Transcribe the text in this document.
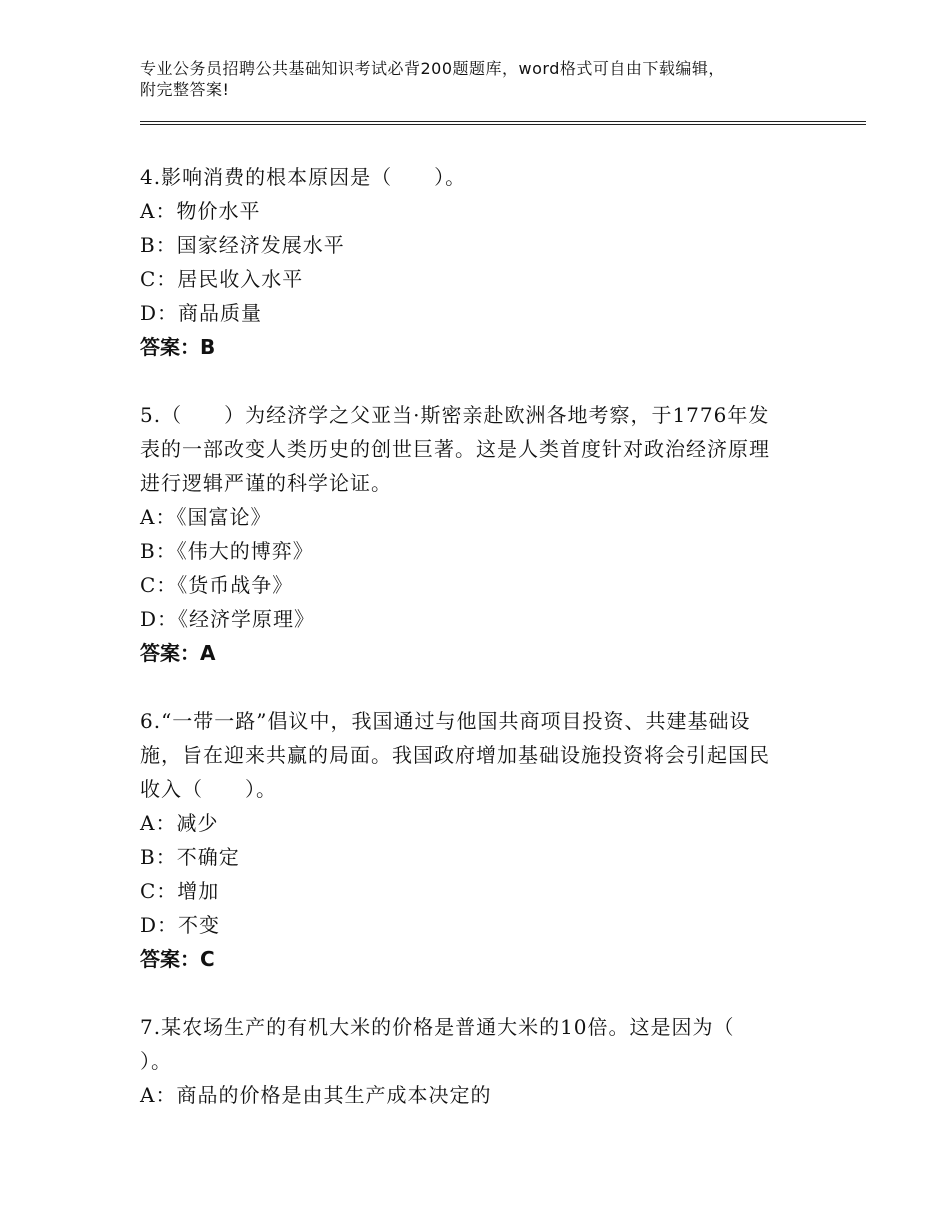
专业公务员招聘公共基础知识考试必背200题题库，word格式可自由下载编辑，
附完整答案!
4.影响消费的根本原因是（　　）。
A：物价水平
B：国家经济发展水平
C：居民收入水平
D：商品质量
答案：B
5.（　　）为经济学之父亚当·斯密亲赴欧洲各地考察，于1776年发
表的一部改变人类历史的创世巨著。这是人类首度针对政治经济原理
进行逻辑严谨的科学论证。
A：《国富论》
B：《伟大的博弈》
C：《货币战争》
D：《经济学原理》
答案：A
6.“一带一路”倡议中，我国通过与他国共商项目投资、共建基础设
施，旨在迎来共赢的局面。我国政府增加基础设施投资将会引起国民
收入（　　）。
A：减少
B：不确定
C：增加
D：不变
答案：C
7.某农场生产的有机大米的价格是普通大米的10倍。这是因为（
）。
A：商品的价格是由其生产成本决定的
